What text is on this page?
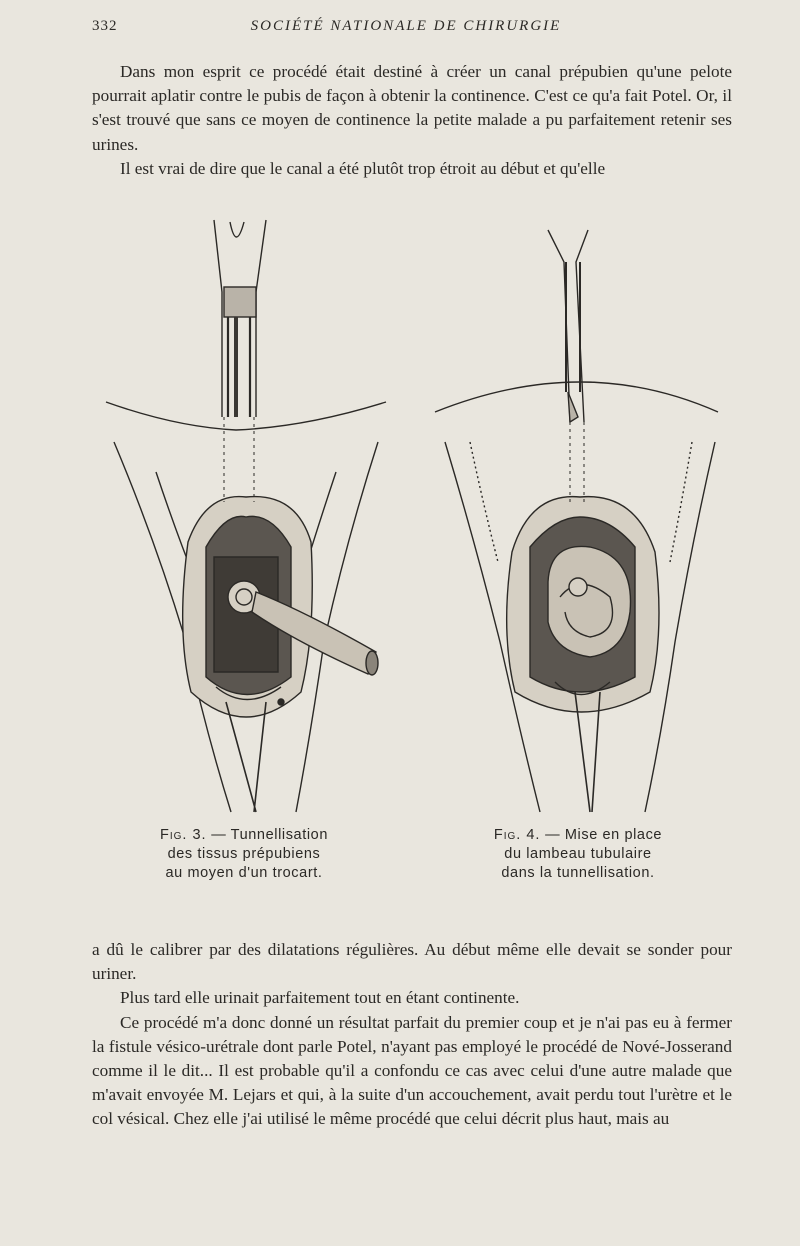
332	SOCIÉTÉ NATIONALE DE CHIRURGIE

Dans mon esprit ce procédé était destiné à créer un canal prépubien qu'une pelote pourrait aplatir contre le pubis de façon à obtenir la continence. C'est ce qu'a fait Potel. Or, il s'est trouvé que sans ce moyen de continence la petite malade a pu parfaitement retenir ses urines.

Il est vrai de dire que le canal a été plutôt trop étroit au début et qu'elle

Fig. 3. — Tunnellisation
des tissus prépubiens
au moyen d'un trocart.
Fig. 4. — Mise en place
du lambeau tubulaire
dans la tunnellisation.

a dû le calibrer par des dilatations régulières. Au début même elle devait se sonder pour uriner.

Plus tard elle urinait parfaitement tout en étant continente.

Ce procédé m'a donc donné un résultat parfait du premier coup et je n'ai pas eu à fermer la fistule vésico-urétrale dont parle Potel, n'ayant pas employé le procédé de Nové-Josserand comme il le dit... Il est probable qu'il a confondu ce cas avec celui d'une autre malade que m'avait envoyée M. Lejars et qui, à la suite d'un accouchement, avait perdu tout l'urètre et le col vésical. Chez elle j'ai utilisé le même procédé que celui décrit plus haut, mais au
